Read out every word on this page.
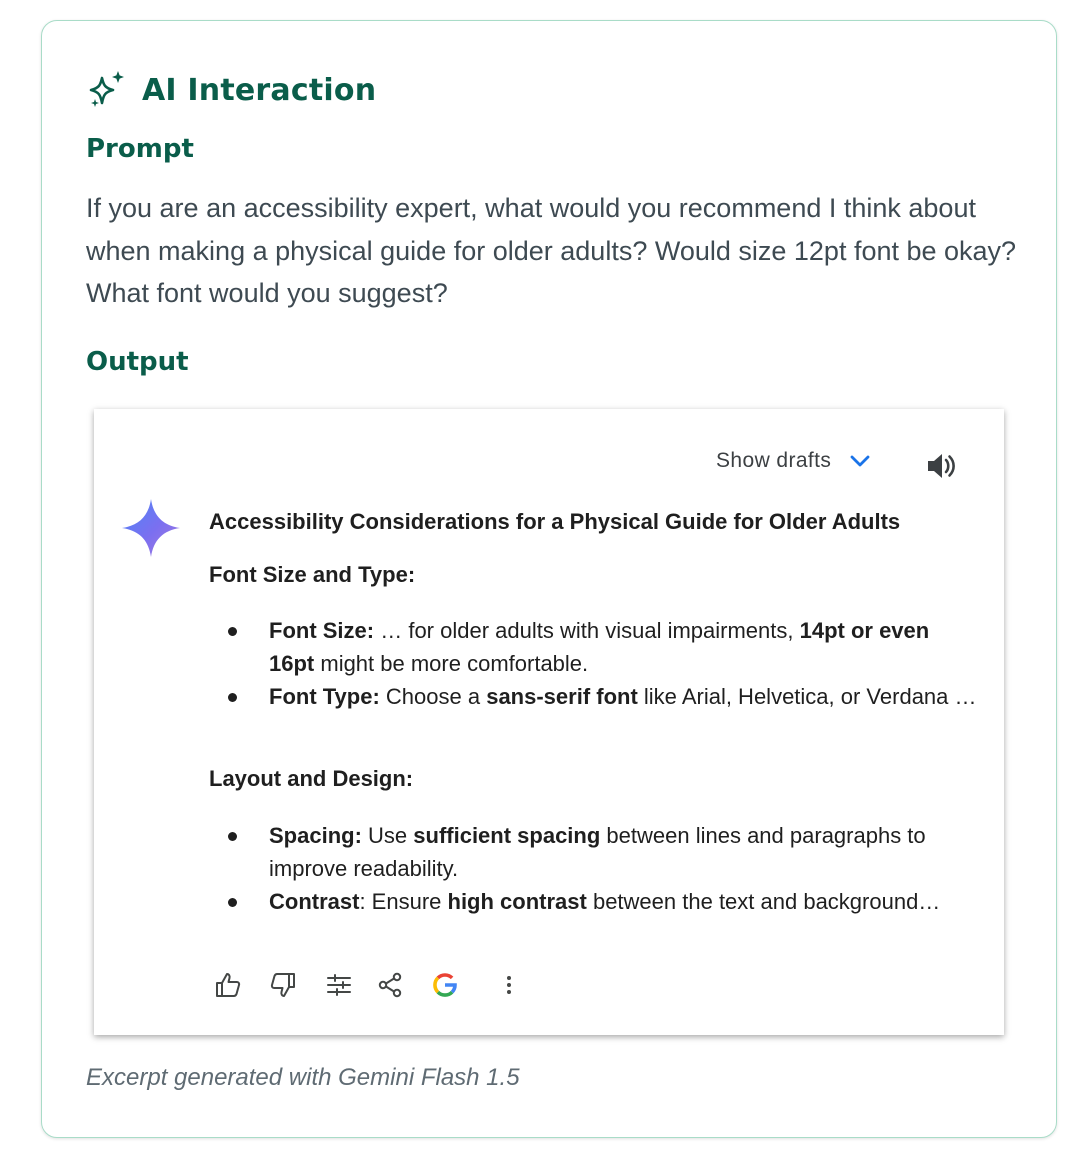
AI Interaction
Prompt
If you are an accessibility expert, what would you recommend I think about when making a physical guide for older adults? Would size 12pt font be okay? What font would you suggest?
Output
Show drafts
Accessibility Considerations for a Physical Guide for Older Adults
Font Size and Type:
Font Size: … for older adults with visual impairments, 14pt or even 16pt might be more comfortable.
Font Type: Choose a sans-serif font like Arial, Helvetica, or Verdana …
Layout and Design:
Spacing: Use sufficient spacing between lines and paragraphs to improve readability.
Contrast: Ensure high contrast between the text and background…
Excerpt generated with Gemini Flash 1.5
